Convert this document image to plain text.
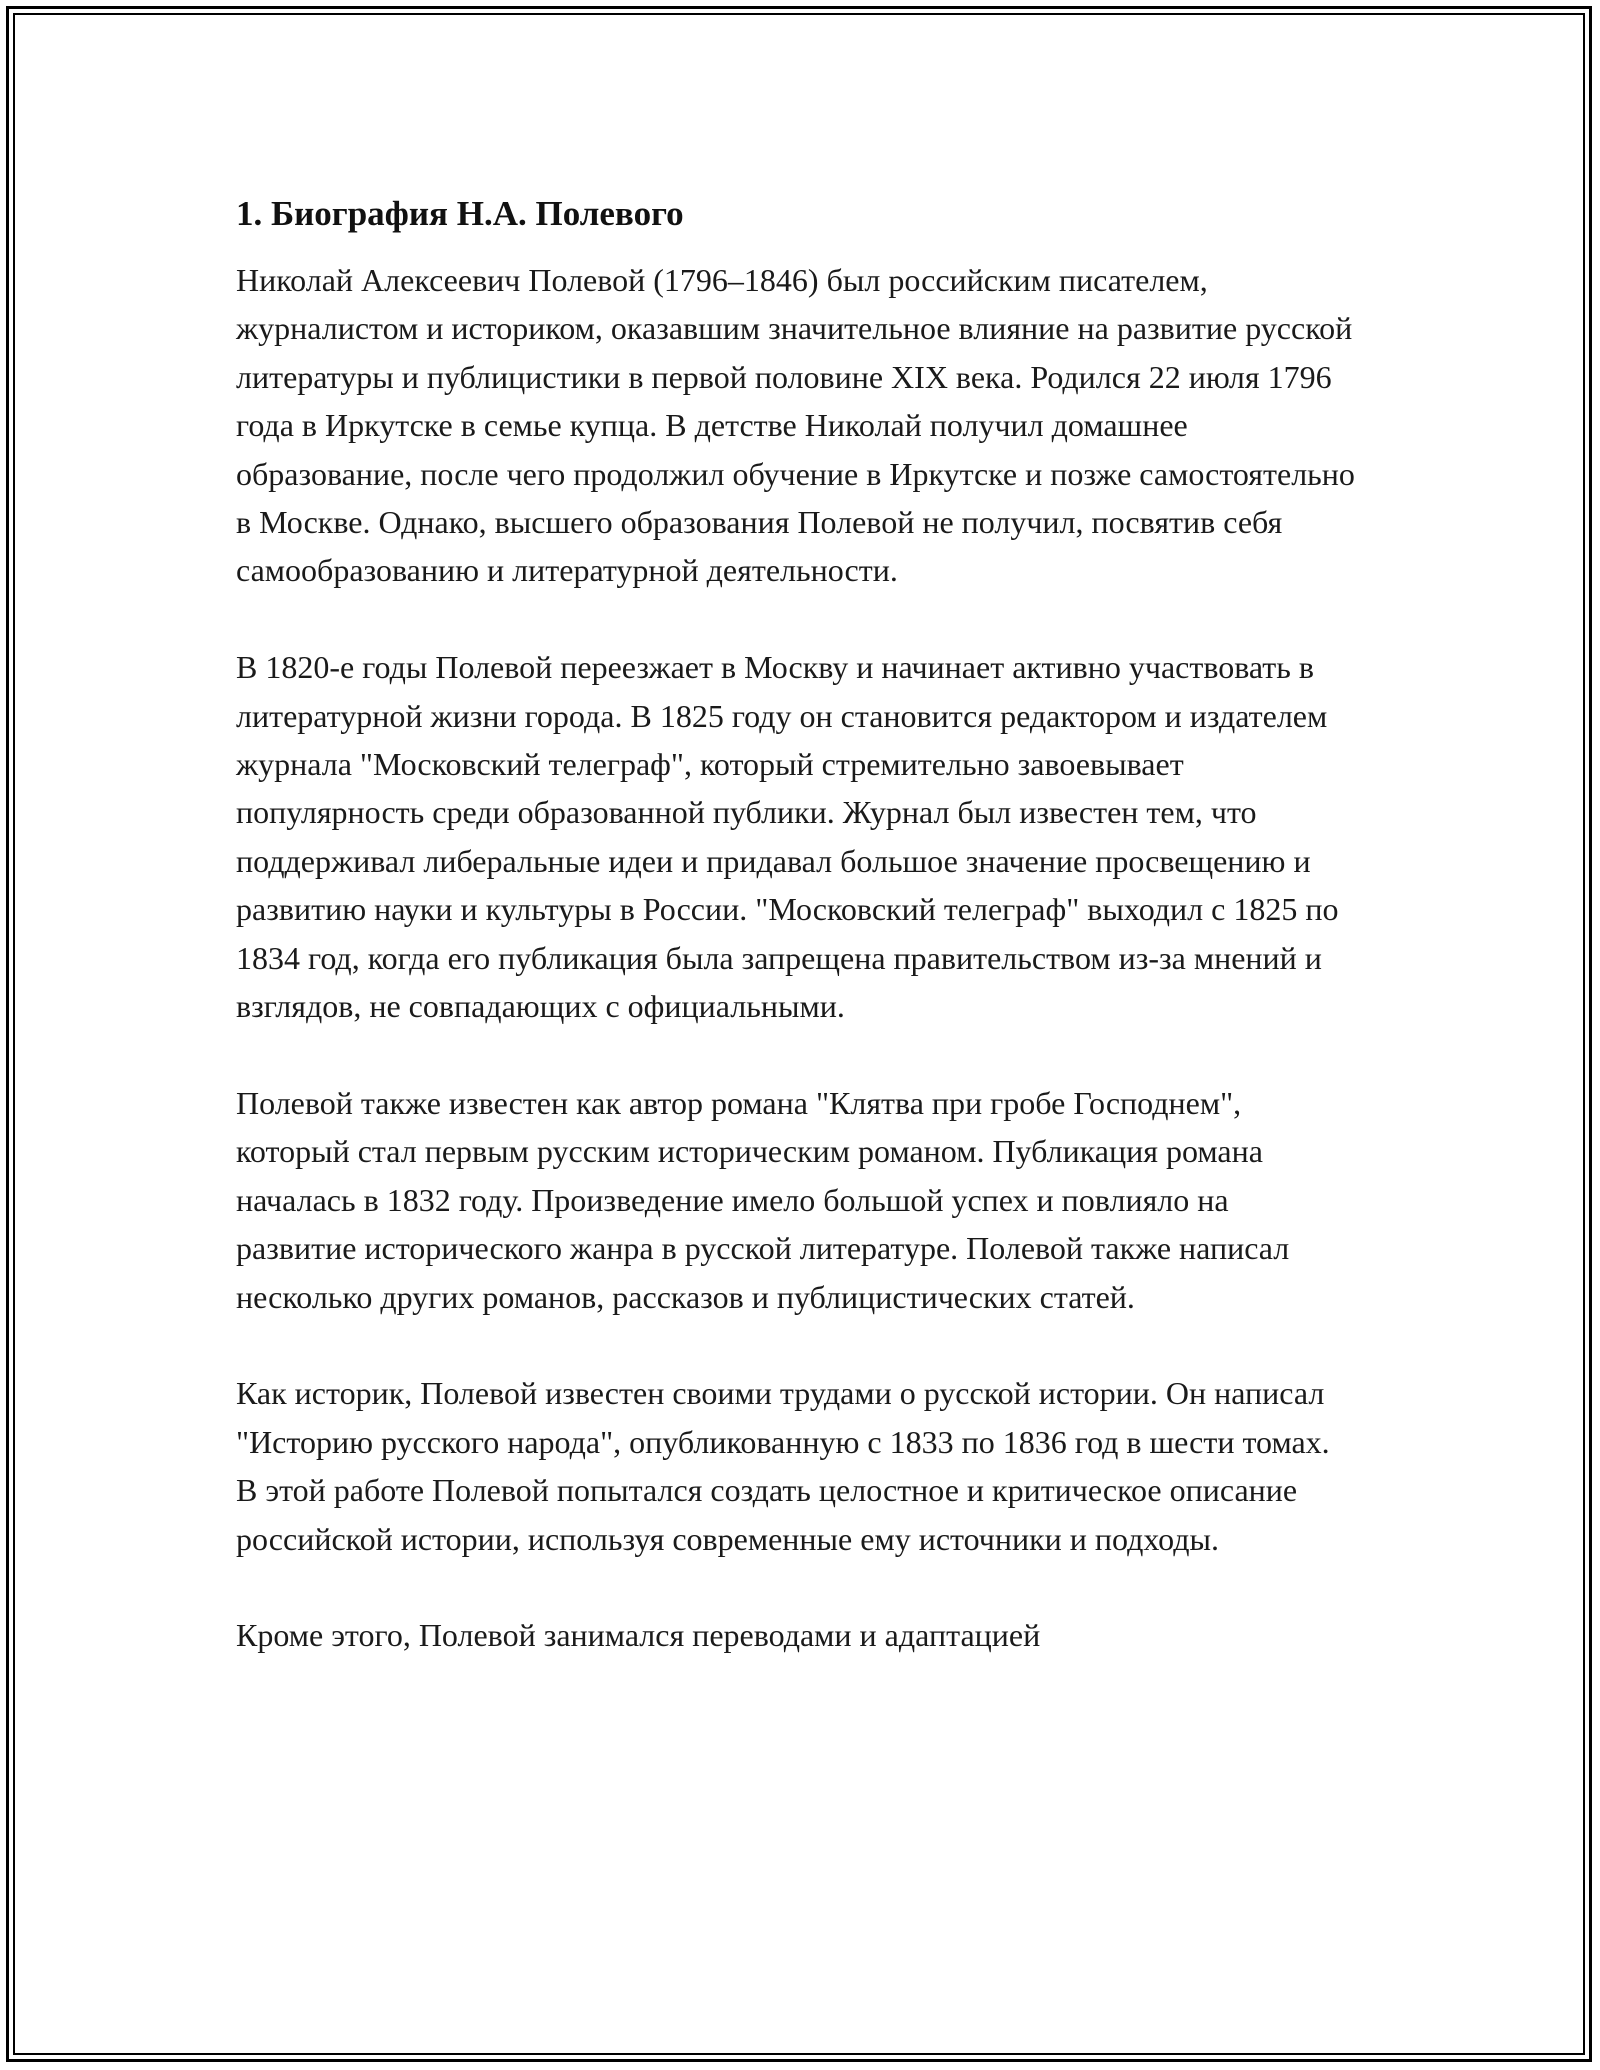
1. Биография Н.А. Полевого

Николай Алексеевич Полевой (1796–1846) был российским писателем, журналистом и историком, оказавшим значительное влияние на развитие русской литературы и публицистики в первой половине XIX века. Родился 22 июля 1796 года в Иркутске в семье купца. В детстве Николай получил домашнее образование, после чего продолжил обучение в Иркутске и позже самостоятельно в Москве. Однако, высшего образования Полевой не получил, посвятив себя самообразованию и литературной деятельности.

В 1820-е годы Полевой переезжает в Москву и начинает активно участвовать в литературной жизни города. В 1825 году он становится редактором и издателем журнала "Московский телеграф", который стремительно завоевывает популярность среди образованной публики. Журнал был известен тем, что поддерживал либеральные идеи и придавал большое значение просвещению и развитию науки и культуры в России. "Московский телеграф" выходил с 1825 по 1834 год, когда его публикация была запрещена правительством из-за мнений и взглядов, не совпадающих с официальными.

Полевой также известен как автор романа "Клятва при гробе Господнем", который стал первым русским историческим романом. Публикация романа началась в 1832 году. Произведение имело большой успех и повлияло на развитие исторического жанра в русской литературе. Полевой также написал несколько других романов, рассказов и публицистических статей.

Как историк, Полевой известен своими трудами о русской истории. Он написал "Историю русского народа", опубликованную с 1833 по 1836 год в шести томах. В этой работе Полевой попытался создать целостное и критическое описание российской истории, используя современные ему источники и подходы.

Кроме этого, Полевой занимался переводами и адаптацией
